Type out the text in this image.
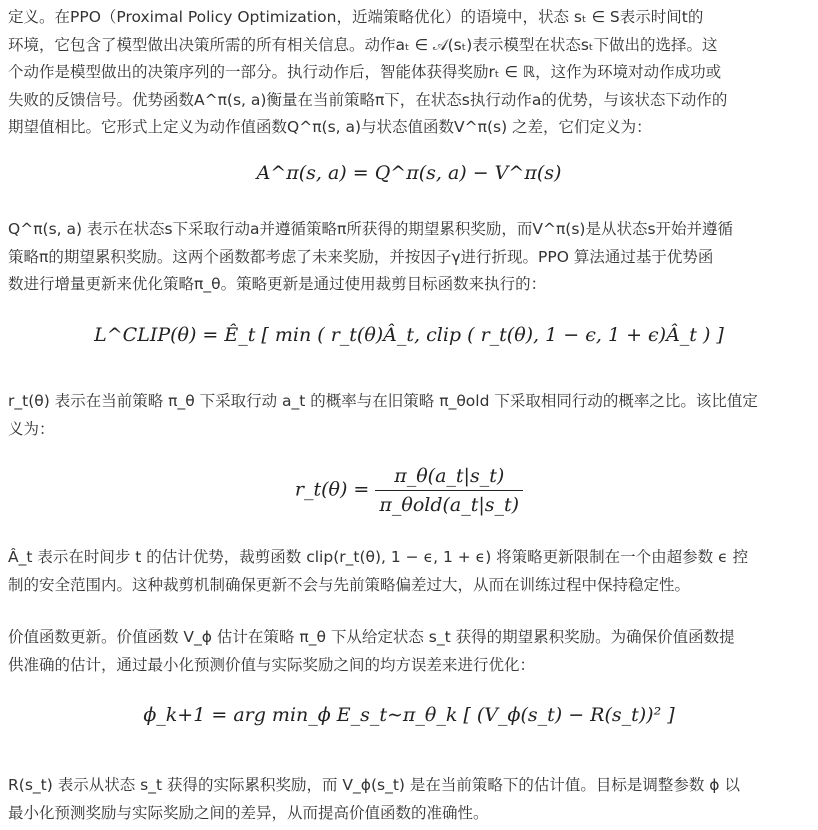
定义。在PPO（Proximal Policy Optimization，近端策略优化）的语境中，状态 sₜ ∈ S表示时间t的
环境，它包含了模型做出决策所需的所有相关信息。动作aₜ ∈ 𝒜(sₜ)表示模型在状态sₜ下做出的选择。这
个动作是模型做出的决策序列的一部分。执行动作后，智能体获得奖励rₜ ∈ ℝ，这作为环境对动作成功或
失败的反馈信号。优势函数A^π(s, a)衡量在当前策略π下，在状态s执行动作a的优势，与该状态下动作的
期望值相比。它形式上定义为动作值函数Q^π(s, a)与状态值函数V^π(s) 之差，它们定义为：
A^π(s, a) = Q^π(s, a) − V^π(s)
Q^π(s, a) 表示在状态s下采取行动a并遵循策略π所获得的期望累积奖励，而V^π(s)是从状态s开始并遵循
策略π的期望累积奖励。这两个函数都考虑了未来奖励，并按因子γ进行折现。PPO 算法通过基于优势函
数进行增量更新来优化策略π_θ。策略更新是通过使用裁剪目标函数来执行的：
L^CLIP(θ) = Ê_t [ min ( r_t(θ)Â_t, clip ( r_t(θ), 1 − ϵ, 1 + ϵ)Â_t ) ]
r_t(θ) 表示在当前策略 π_θ 下采取行动 a_t 的概率与在旧策略 π_θold 下采取相同行动的概率之比。该比值定
义为：
r_t(θ) = $\frac{\pi\_\theta(a\_t|s\_t)}{\text{π\_θold(a\_t|s\_t)}}$
Â_t 表示在时间步 t 的估计优势，裁剪函数 clip(r_t(θ), 1 − ϵ, 1 + ϵ) 将策略更新限制在一个由超参数 ϵ 控
制的安全范围内。这种裁剪机制确保更新不会与先前策略偏差过大，从而在训练过程中保持稳定性。
价值函数更新。价值函数 V_ϕ 估计在策略 π_θ 下从给定状态 s_t 获得的期望累积奖励。为确保价值函数提
供准确的估计，通过最小化预测价值与实际奖励之间的均方误差来进行优化：
ϕ_k+1 = arg min_ϕ E_s_t∼π_θ_k [ (V_ϕ(s_t) − R(s_t))² ]
R(s_t) 表示从状态 s_t 获得的实际累积奖励，而 V_ϕ(s_t) 是在当前策略下的估计值。目标是调整参数 ϕ 以
最小化预测奖励与实际奖励之间的差异，从而提高价值函数的准确性。
